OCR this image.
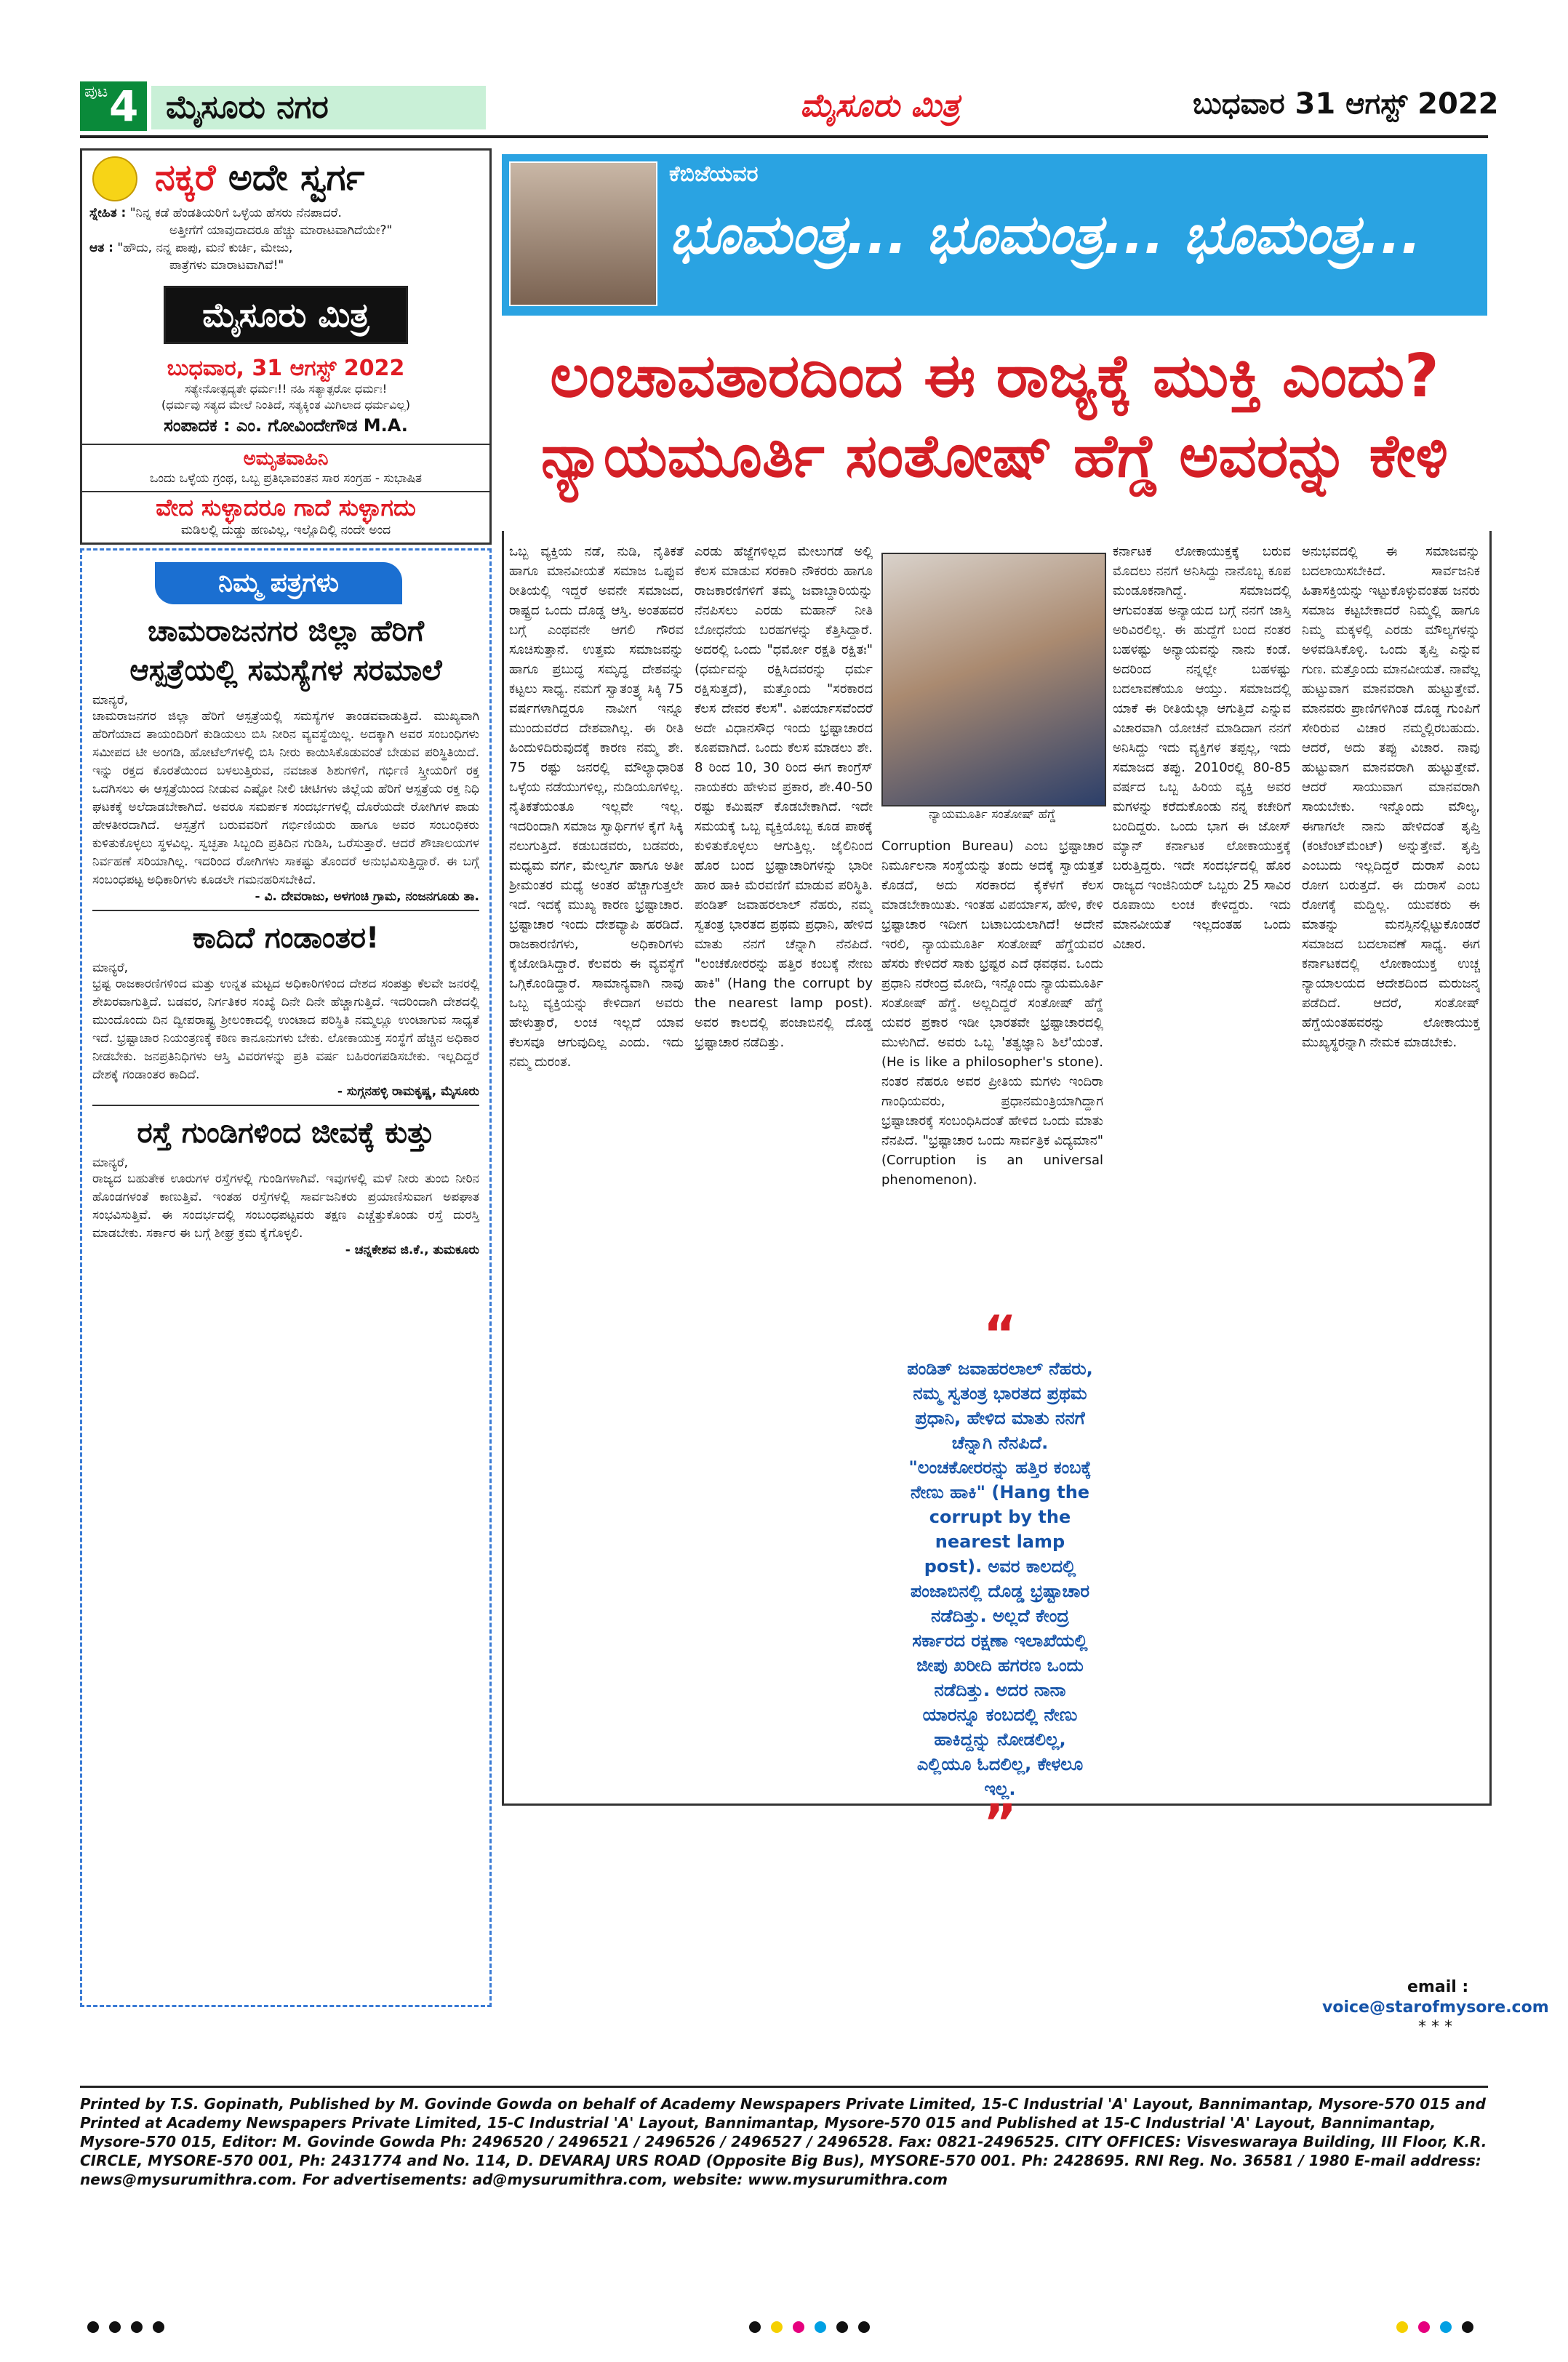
ಪುಟ 4 ಮೈಸೂರು ನಗರ	ಮೈಸೂರು ಮಿತ್ರ	ಬುಧವಾರ 31 ಆಗಸ್ಟ್ 2022
ನಕ್ಕರೆ ಅದೇ ಸ್ವರ್ಗ
ಸ್ನೇಹಿತ : "ನಿನ್ನ ಕಡೆ ಹೆಂಡತಿಯರಿಗೆ ಒಳ್ಳೆಯ ಹೆಸರು ನೆನಪಾದರೆ.
ಅತ್ತೀಗೆಗೆ ಯಾವುದಾದರೂ ಹೆಚ್ಚು ಮಾರಾಟವಾಗಿದೆಯೇ?"
ಆತ : "ಹೌದು, ನನ್ನ ಪಾಪು, ಮನೆ ಕುರ್ಚಿ, ಮೇಜು,
ಪಾತ್ರೆಗಳು ಮಾರಾಟವಾಗಿವೆ!"
ಮೈಸೂರು ಮಿತ್ರ
ಬುಧವಾರ, 31 ಆಗಸ್ಟ್ 2022
ಸತ್ಯೇನೋತ್ಪದ್ಯತೇ ಧರ್ಮಃ!! ನಹಿ ಸತ್ಯಾತ್ಪರೋ ಧರ್ಮಃ!
(ಧರ್ಮವು ಸತ್ಯದ ಮೇಲೆ ನಿಂತಿದೆ, ಸತ್ಯಕ್ಕಿಂತ ಮಿಗಿಲಾದ ಧರ್ಮವಿಲ್ಲ)
ಸಂಪಾದಕ : ಎಂ. ಗೋವಿಂದೇಗೌಡ M.A.
ಅಮೃತವಾಹಿನಿ
ಒಂದು ಒಳ್ಳೆಯ ಗ್ರಂಥ, ಒಬ್ಬ ಪ್ರತಿಭಾವಂತನ ಸಾರ ಸಂಗ್ರಹ - ಸುಭಾಷಿತ
ವೇದ ಸುಳ್ಳಾದರೂ ಗಾದೆ ಸುಳ್ಳಾಗದು
ಮಡಿಲಲ್ಲಿ ದುಡ್ಡು ಹಣವಿಲ್ಲ, ಇಲ್ಲೊದಿಲ್ಲಿ ನಂದೇ ಅಂದ
ನಿಮ್ಮ ಪತ್ರಗಳು
ಚಾಮರಾಜನಗರ ಜಿಲ್ಲಾ ಹೆರಿಗೆ
ಆಸ್ಪತ್ರೆಯಲ್ಲಿ ಸಮಸ್ಯೆಗಳ ಸರಮಾಲೆ
ಮಾನ್ಯರೆ,
ಚಾಮರಾಜನಗರ ಜಿಲ್ಲಾ ಹೆರಿಗೆ ಆಸ್ಪತ್ರೆಯಲ್ಲಿ ಸಮಸ್ಯೆಗಳ ತಾಂಡವವಾಡುತ್ತಿದೆ. ಮುಖ್ಯವಾಗಿ ಹೆರಿಗೆಯಾದ ತಾಯಂದಿರಿಗೆ ಕುಡಿಯಲು ಬಿಸಿ ನೀರಿನ ವ್ಯವಸ್ಥೆಯಿಲ್ಲ. ಅದಕ್ಕಾಗಿ ಅವರ ಸಂಬಂಧಿಗಳು ಸಮೀಪದ ಟೀ ಅಂಗಡಿ, ಹೋಟೆಲ್‌ಗಳಲ್ಲಿ ಬಿಸಿ ನೀರು ಕಾಯಿಸಿಕೊಡುವಂತೆ ಬೇಡುವ ಪರಿಸ್ಥಿತಿಯಿದೆ. ಇನ್ನು ರಕ್ತದ ಕೊರತೆಯಿಂದ ಬಳಲುತ್ತಿರುವ, ನವಜಾತ ಶಿಶುಗಳಿಗೆ, ಗರ್ಭಿಣಿ ಸ್ತ್ರೀಯರಿಗೆ ರಕ್ತ ಒದಗಿಸಲು ಈ ಆಸ್ಪತ್ರೆಯಿಂದ ನೀಡುವ ಎಷ್ಟೋ ನೀಲಿ ಚೀಟಿಗಳು ಜಿಲ್ಲೆಯ ಹೆರಿಗೆ ಆಸ್ಪತ್ರೆಯ ರಕ್ತ ನಿಧಿ ಘಟಕಕ್ಕೆ ಅಲೆದಾಡಬೇಕಾಗಿದೆ. ಅವರೂ ಸಮರ್ಪಕ ಸಂದರ್ಭಗಳಲ್ಲಿ ದೊರೆಯದೇ ರೋಗಿಗಳ ಪಾಡು ಹೇಳತೀರದಾಗಿದೆ. ಆಸ್ಪತ್ರೆಗೆ ಬರುವವರಿಗೆ ಗರ್ಭಿಣಿಯರು ಹಾಗೂ ಅವರ ಸಂಬಂಧಿಕರು ಕುಳಿತುಕೊಳ್ಳಲು ಸ್ಥಳವಿಲ್ಲ. ಸ್ವಚ್ಛತಾ ಸಿಬ್ಬಂದಿ ಪ್ರತಿದಿನ ಗುಡಿಸಿ, ಒರೆಸುತ್ತಾರೆ. ಆದರೆ ಶೌಚಾಲಯಗಳ ನಿರ್ವಹಣೆ ಸರಿಯಾಗಿಲ್ಲ. ಇದರಿಂದ ರೋಗಿಗಳು ಸಾಕಷ್ಟು ತೊಂದರೆ ಅನುಭವಿಸುತ್ತಿದ್ದಾರೆ. ಈ ಬಗ್ಗೆ ಸಂಬಂಧಪಟ್ಟ ಅಧಿಕಾರಿಗಳು ಕೂಡಲೇ ಗಮನಹರಿಸಬೇಕಿದೆ.
- ವಿ. ದೇವರಾಜು, ಅಳಗಂಚಿ ಗ್ರಾಮ, ನಂಜನಗೂಡು ತಾ.
ಕಾದಿದೆ ಗಂಡಾಂತರ!
ಮಾನ್ಯರೆ,
ಭ್ರಷ್ಟ ರಾಜಕಾರಣಿಗಳಿಂದ ಮತ್ತು ಉನ್ನತ ಮಟ್ಟದ ಅಧಿಕಾರಿಗಳಿಂದ ದೇಶದ ಸಂಪತ್ತು ಕೆಲವೇ ಜನರಲ್ಲಿ ಶೇಖರವಾಗುತ್ತಿದೆ. ಬಡವರ, ನಿರ್ಗತಿಕರ ಸಂಖ್ಯೆ ದಿನೇ ದಿನೇ ಹೆಚ್ಚಾಗುತ್ತಿದೆ. ಇದರಿಂದಾಗಿ ದೇಶದಲ್ಲಿ ಮುಂದೊಂದು ದಿನ ದ್ವೀಪರಾಷ್ಟ್ರ ಶ್ರೀಲಂಕಾದಲ್ಲಿ ಉಂಟಾದ ಪರಿಸ್ಥಿತಿ ನಮ್ಮಲ್ಲೂ ಉಂಟಾಗುವ ಸಾಧ್ಯತೆ ಇದೆ. ಭ್ರಷ್ಟಾಚಾರ ನಿಯಂತ್ರಣಕ್ಕೆ ಕಠಿಣ ಕಾನೂನುಗಳು ಬೇಕು. ಲೋಕಾಯುಕ್ತ ಸಂಸ್ಥೆಗೆ ಹೆಚ್ಚಿನ ಅಧಿಕಾರ ನೀಡಬೇಕು. ಜನಪ್ರತಿನಿಧಿಗಳು ಆಸ್ತಿ ವಿವರಗಳನ್ನು ಪ್ರತಿ ವರ್ಷ ಬಹಿರಂಗಪಡಿಸಬೇಕು. ಇಲ್ಲದಿದ್ದರೆ ದೇಶಕ್ಕೆ ಗಂಡಾಂತರ ಕಾದಿದೆ.
- ಸುಗ್ಗನಹಳ್ಳಿ ರಾಮಕೃಷ್ಣ, ಮೈಸೂರು
ರಸ್ತೆ ಗುಂಡಿಗಳಿಂದ ಜೀವಕ್ಕೆ ಕುತ್ತು
ಮಾನ್ಯರೆ,
ರಾಜ್ಯದ ಬಹುತೇಕ ಊರುಗಳ ರಸ್ತೆಗಳಲ್ಲಿ ಗುಂಡಿಗಳಾಗಿವೆ. ಇವುಗಳಲ್ಲಿ ಮಳೆ ನೀರು ತುಂಬಿ ನೀರಿನ ಹೊಂಡಗಳಂತೆ ಕಾಣುತ್ತಿವೆ. ಇಂತಹ ರಸ್ತೆಗಳಲ್ಲಿ ಸಾರ್ವಜನಿಕರು ಪ್ರಯಾಣಿಸುವಾಗ ಅಪಘಾತ ಸಂಭವಿಸುತ್ತಿವೆ. ಈ ಸಂದರ್ಭದಲ್ಲಿ ಸಂಬಂಧಪಟ್ಟವರು ತಕ್ಷಣ ಎಚ್ಚೆತ್ತುಕೊಂಡು ರಸ್ತೆ ದುರಸ್ತಿ ಮಾಡಬೇಕು. ಸರ್ಕಾರ ಈ ಬಗ್ಗೆ ಶೀಘ್ರ ಕ್ರಮ ಕೈಗೊಳ್ಳಲಿ.
- ಚನ್ನಕೇಶವ ಜಿ.ಕೆ., ತುಮಕೂರು
ಕೆಬಿಜೆಯವರ
ಭೂಮಂತ್ರ... ಭೂಮಂತ್ರ... ಭೂಮಂತ್ರ...
ಲಂಚಾವತಾರದಿಂದ ಈ ರಾಜ್ಯಕ್ಕೆ ಮುಕ್ತಿ ಎಂದು?
ನ್ಯಾಯಮೂರ್ತಿ ಸಂತೋಷ್ ಹೆಗ್ಡೆ ಅವರನ್ನು ಕೇಳಿ
ಒಬ್ಬ ವ್ಯಕ್ತಿಯ ನಡೆ, ನುಡಿ, ನೈತಿಕತೆ ಹಾಗೂ ಮಾನವೀಯತೆ ಸಮಾಜ ಒಪ್ಪುವ ರೀತಿಯಲ್ಲಿ ಇದ್ದರೆ ಅವನೇ ಸಮಾಜದ, ರಾಷ್ಟ್ರದ ಒಂದು ದೊಡ್ಡ ಆಸ್ತಿ. ಅಂತಹವರ ಬಗ್ಗೆ ಎಂಥವನೇ ಆಗಲಿ ಗೌರವ ಸೂಚಿಸುತ್ತಾನೆ. ಉತ್ತಮ ಸಮಾಜವನ್ನು ಹಾಗೂ ಪ್ರಬುದ್ಧ ಸಮೃದ್ಧ ದೇಶವನ್ನು ಕಟ್ಟಲು ಸಾಧ್ಯ. ನಮಗೆ ಸ್ವಾತಂತ್ರ್ಯ ಸಿಕ್ಕಿ 75 ವರ್ಷಗಳಾಗಿದ್ದರೂ ನಾವೀಗ ಇನ್ನೂ ಮುಂದುವರೆದ ದೇಶವಾಗಿಲ್ಲ. ಈ ರೀತಿ ಹಿಂದುಳಿದಿರುವುದಕ್ಕೆ ಕಾರಣ ನಮ್ಮ ಶೇ. 75 ರಷ್ಟು ಜನರಲ್ಲಿ ಮೌಲ್ಯಾಧಾರಿತ ಒಳ್ಳೆಯ ನಡೆಯುಗಳಿಲ್ಲ, ನುಡಿಯೂಗಳಿಲ್ಲ. ನೈತಿಕತೆಯಂತೂ ಇಲ್ಲವೇ ಇಲ್ಲ. ಇದರಿಂದಾಗಿ ಸಮಾಜ ಸ್ವಾರ್ಥಿಗಳ ಕೈಗೆ ಸಿಕ್ಕಿ ನಲುಗುತ್ತಿದೆ. ಕಡುಬಡವರು, ಬಡವರು, ಮಧ್ಯಮ ವರ್ಗ, ಮೇಲ್ವರ್ಗ ಹಾಗೂ ಅತೀ ಶ್ರೀಮಂತರ ಮಧ್ಯೆ ಅಂತರ ಹೆಚ್ಚಾಗುತ್ತಲೇ ಇದೆ. ಇದಕ್ಕೆ ಮುಖ್ಯ ಕಾರಣ ಭ್ರಷ್ಟಾಚಾರ. ಭ್ರಷ್ಟಾಚಾರ ಇಂದು ದೇಶವ್ಯಾಪಿ ಹರಡಿದೆ. ರಾಜಕಾರಣಿಗಳು, ಅಧಿಕಾರಿಗಳು ಕೈಜೋಡಿಸಿದ್ದಾರೆ. ಕೆಲವರು ಈ ವ್ಯವಸ್ಥೆಗೆ ಒಗ್ಗಿಕೊಂಡಿದ್ದಾರೆ. ಸಾಮಾನ್ಯವಾಗಿ ನಾವು ಒಬ್ಬ ವ್ಯಕ್ತಿಯನ್ನು ಕೇಳಿದಾಗ ಅವರು ಹೇಳುತ್ತಾರೆ, ಲಂಚ ಇಲ್ಲದೆ ಯಾವ ಕೆಲಸವೂ ಆಗುವುದಿಲ್ಲ ಎಂದು. ಇದು ನಮ್ಮ ದುರಂತ.
ಎರಡು ಹೆಜ್ಜೆಗಳಿಲ್ಲದ ಮೇಲುಗಡೆ ಅಲ್ಲಿ ಕೆಲಸ ಮಾಡುವ ಸರಕಾರಿ ನೌಕರರು ಹಾಗೂ ರಾಜಕಾರಣಿಗಳಿಗೆ ತಮ್ಮ ಜವಾಬ್ದಾರಿಯನ್ನು ನೆನಪಿಸಲು ಎರಡು ಮಹಾನ್ ನೀತಿ ಬೋಧನೆಯ ಬರಹಗಳನ್ನು ಕೆತ್ತಿಸಿದ್ದಾರೆ. ಅದರಲ್ಲಿ ಒಂದು "ಧರ್ಮೋ ರಕ್ಷತಿ ರಕ್ಷಿತಃ" (ಧರ್ಮವನ್ನು ರಕ್ಷಿಸಿದವರನ್ನು ಧರ್ಮ ರಕ್ಷಿಸುತ್ತದೆ), ಮತ್ತೊಂದು "ಸರಕಾರದ ಕೆಲಸ ದೇವರ ಕೆಲಸ". ವಿಪರ್ಯಾಸವೆಂದರೆ ಅದೇ ವಿಧಾನಸೌಧ ಇಂದು ಭ್ರಷ್ಟಾಚಾರದ ಕೂಪವಾಗಿದೆ. ಒಂದು ಕೆಲಸ ಮಾಡಲು ಶೇ. 8 ರಿಂದ 10, 30 ರಿಂದ ಈಗ ಕಾಂಗ್ರೆಸ್ ನಾಯಕರು ಹೇಳುವ ಪ್ರಕಾರ, ಶೇ.40-50 ರಷ್ಟು ಕಮಿಷನ್ ಕೊಡಬೇಕಾಗಿದೆ. ಇದೇ ಸಮಯಕ್ಕೆ ಒಬ್ಬ ವ್ಯಕ್ತಿಯೊಬ್ಬ ಕೂಡ ಪಾಠಕ್ಕೆ ಕುಳಿತುಕೊಳ್ಳಲು ಆಗುತ್ತಿಲ್ಲ. ಜೈಲಿನಿಂದ ಹೊರ ಬಂದ ಭ್ರಷ್ಟಾಚಾರಿಗಳನ್ನು ಭಾರೀ ಹಾರ ಹಾಕಿ ಮೆರವಣಿಗೆ ಮಾಡುವ ಪರಿಸ್ಥಿತಿ. ಪಂಡಿತ್ ಜವಾಹರಲಾಲ್ ನೆಹರು, ನಮ್ಮ ಸ್ವತಂತ್ರ ಭಾರತದ ಪ್ರಥಮ ಪ್ರಧಾನಿ, ಹೇಳಿದ ಮಾತು ನನಗೆ ಚೆನ್ನಾಗಿ ನೆನಪಿದೆ. "ಲಂಚಕೋರರನ್ನು ಹತ್ತಿರ ಕಂಬಕ್ಕೆ ನೇಣು ಹಾಕಿ" (Hang the corrupt by the nearest lamp post). ಅವರ ಕಾಲದಲ್ಲಿ ಪಂಜಾಬಿನಲ್ಲಿ ದೊಡ್ಡ ಭ್ರಷ್ಟಾಚಾರ ನಡೆದಿತ್ತು.
ನ್ಯಾಯಮೂರ್ತಿ ಸಂತೋಷ್ ಹೆಗ್ಡೆ
Corruption Bureau) ಎಂಬ ಭ್ರಷ್ಟಾಚಾರ ನಿರ್ಮೂಲನಾ ಸಂಸ್ಥೆಯನ್ನು ತಂದು ಅದಕ್ಕೆ ಸ್ವಾಯತ್ತತೆ ಕೊಡದೆ, ಅದು ಸರಕಾರದ ಕೈಕೆಳಗೆ ಕೆಲಸ ಮಾಡಬೇಕಾಯಿತು. ಇಂತಹ ವಿಪರ್ಯಾಸ, ಹೇಳಿ, ಕೇಳಿ ಭ್ರಷ್ಟಾಚಾರ ಇದೀಗ ಬಟಾಬಯಲಾಗಿದೆ! ಅದೇನೆ ಇರಲಿ, ನ್ಯಾಯಮೂರ್ತಿ ಸಂತೋಷ್ ಹೆಗ್ಡೆಯವರ ಹೆಸರು ಕೇಳಿದರೆ ಸಾಕು ಭ್ರಷ್ಟರ ಎದೆ ಢವಢವ. ಒಂದು ಪ್ರಧಾನಿ ನರೇಂದ್ರ ಮೋದಿ, ಇನ್ನೊಂದು ನ್ಯಾಯಮೂರ್ತಿ ಸಂತೋಷ್ ಹೆಗ್ಡೆ. ಅಲ್ಲದಿದ್ದರೆ ಸಂತೋಷ್ ಹೆಗ್ಡೆ ಯವರ ಪ್ರಕಾರ ಇಡೀ ಭಾರತವೇ ಭ್ರಷ್ಟಾಚಾರದಲ್ಲಿ ಮುಳುಗಿದೆ. ಅವರು ಒಬ್ಬ 'ತತ್ವಜ್ಞಾನಿ ಶಿಲೆ'ಯಂತೆ. (He is like a philosopher's stone). ನಂತರ ನೆಹರೂ ಅವರ ಪ್ರೀತಿಯ ಮಗಳು ಇಂದಿರಾ ಗಾಂಧಿಯವರು, ಪ್ರಧಾನಮಂತ್ರಿಯಾಗಿದ್ದಾಗ ಭ್ರಷ್ಟಾಚಾರಕ್ಕೆ ಸಂಬಂಧಿಸಿದಂತೆ ಹೇಳಿದ ಒಂದು ಮಾತು ನೆನಪಿದೆ. "ಭ್ರಷ್ಟಾಚಾರ ಒಂದು ಸಾರ್ವತ್ರಿಕ ವಿದ್ಯಮಾನ" (Corruption is an universal phenomenon).
“
ಪಂಡಿತ್ ಜವಾಹರಲಾಲ್ ನೆಹರು, ನಮ್ಮ ಸ್ವತಂತ್ರ ಭಾರತದ ಪ್ರಥಮ ಪ್ರಧಾನಿ, ಹೇಳಿದ ಮಾತು ನನಗೆ ಚೆನ್ನಾಗಿ ನೆನಪಿದೆ. "ಲಂಚಕೋರರನ್ನು ಹತ್ತಿರ ಕಂಬಕ್ಕೆ ನೇಣು ಹಾಕಿ" (Hang the corrupt by the nearest lamp post). ಅವರ ಕಾಲದಲ್ಲಿ ಪಂಜಾಬಿನಲ್ಲಿ ದೊಡ್ಡ ಭ್ರಷ್ಟಾಚಾರ ನಡೆದಿತ್ತು. ಅಲ್ಲದೆ ಕೇಂದ್ರ ಸರ್ಕಾರದ ರಕ್ಷಣಾ ಇಲಾಖೆಯಲ್ಲಿ ಜೀಪು ಖರೀದಿ ಹಗರಣ ಒಂದು ನಡೆದಿತ್ತು. ಅದರ ನಾನಾ ಯಾರನ್ನೂ ಕಂಬದಲ್ಲಿ ನೇಣು ಹಾಕಿದ್ದನ್ನು ನೋಡಲಿಲ್ಲ, ಎಲ್ಲಿಯೂ ಓದಲಿಲ್ಲ, ಕೇಳಲೂ ಇಲ್ಲ.
”
ಕರ್ನಾಟಕ ಲೋಕಾಯುಕ್ತಕ್ಕೆ ಬರುವ ಮೊದಲು ನನಗೆ ಅನಿಸಿದ್ದು ನಾನೊಬ್ಬ ಕೂಪ ಮಂಡೂಕನಾಗಿದ್ದೆ. ಸಮಾಜದಲ್ಲಿ ಆಗುವಂತಹ ಅನ್ಯಾಯದ ಬಗ್ಗೆ ನನಗೆ ಜಾಸ್ತಿ ಅರಿವಿರಲಿಲ್ಲ. ಈ ಹುದ್ದೆಗೆ ಬಂದ ನಂತರ ಬಹಳಷ್ಟು ಅನ್ಯಾಯವನ್ನು ನಾನು ಕಂಡೆ. ಅದರಿಂದ ನನ್ನಲ್ಲೇ ಬಹಳಷ್ಟು ಬದಲಾವಣೆಯೂ ಆಯ್ತು. ಸಮಾಜದಲ್ಲಿ ಯಾಕೆ ಈ ರೀತಿಯೆಲ್ಲಾ ಆಗುತ್ತಿದೆ ಎನ್ನುವ ವಿಚಾರವಾಗಿ ಯೋಚನೆ ಮಾಡಿದಾಗ ನನಗೆ ಅನಿಸಿದ್ದು ಇದು ವ್ಯಕ್ತಿಗಳ ತಪ್ಪಲ್ಲ, ಇದು ಸಮಾಜದ ತಪ್ಪು. 2010ರಲ್ಲಿ 80-85 ವರ್ಷದ ಒಬ್ಬ ಹಿರಿಯ ವ್ಯಕ್ತಿ ಅವರ ಮಗಳನ್ನು ಕರೆದುಕೊಂಡು ನನ್ನ ಕಚೇರಿಗೆ ಬಂದಿದ್ದರು. ಒಂದು ಭಾಗ ಈ ಜೋಸ್ ಮ್ಯಾನ್ ಕರ್ನಾಟಕ ಲೋಕಾಯುಕ್ತಕ್ಕೆ ಬರುತ್ತಿದ್ದರು. ಇದೇ ಸಂದರ್ಭದಲ್ಲಿ ಹೊರ ರಾಜ್ಯದ ಇಂಜಿನಿಯರ್ ಒಬ್ಬರು 25 ಸಾವಿರ ರೂಪಾಯಿ ಲಂಚ ಕೇಳಿದ್ದರು. ಇದು ಮಾನವೀಯತೆ ಇಲ್ಲದಂತಹ ಒಂದು ವಿಚಾರ.
ಅನುಭವದಲ್ಲಿ ಈ ಸಮಾಜವನ್ನು ಬದಲಾಯಿಸಬೇಕಿದೆ. ಸಾರ್ವಜನಿಕ ಹಿತಾಸಕ್ತಿಯನ್ನು ಇಟ್ಟುಕೊಳ್ಳುವಂತಹ ಜನರು ಸಮಾಜ ಕಟ್ಟಬೇಕಾದರೆ ನಿಮ್ಮಲ್ಲಿ ಹಾಗೂ ನಿಮ್ಮ ಮಕ್ಕಳಲ್ಲಿ ಎರಡು ಮೌಲ್ಯಗಳನ್ನು ಅಳವಡಿಸಿಕೊಳ್ಳಿ. ಒಂದು ತೃಪ್ತಿ ಎನ್ನುವ ಗುಣ. ಮತ್ತೊಂದು ಮಾನವೀಯತೆ. ನಾವೆಲ್ಲ ಹುಟ್ಟುವಾಗ ಮಾನವರಾಗಿ ಹುಟ್ಟುತ್ತೇವೆ. ಮಾನವರು ಪ್ರಾಣಿಗಳಿಗಿಂತ ದೊಡ್ಡ ಗುಂಪಿಗೆ ಸೇರಿರುವ ವಿಚಾರ ನಮ್ಮಲ್ಲಿರಬಹುದು. ಆದರೆ, ಅದು ತಪ್ಪು ವಿಚಾರ. ನಾವು ಹುಟ್ಟುವಾಗ ಮಾನವರಾಗಿ ಹುಟ್ಟುತ್ತೇವೆ. ಆದರೆ ಸಾಯುವಾಗ ಮಾನವರಾಗಿ ಸಾಯಬೇಕು. ಇನ್ನೊಂದು ಮೌಲ್ಯ, ಈಗಾಗಲೇ ನಾನು ಹೇಳಿದಂತೆ ತೃಪ್ತಿ (ಕಂಟೆಂಟ್‌ಮೆಂಟ್) ಅನ್ನುತ್ತೇವೆ. ತೃಪ್ತಿ ಎಂಬುದು ಇಲ್ಲದಿದ್ದರೆ ದುರಾಸೆ ಎಂಬ ರೋಗ ಬರುತ್ತದೆ. ಈ ದುರಾಸೆ ಎಂಬ ರೋಗಕ್ಕೆ ಮದ್ದಿಲ್ಲ. ಯುವಕರು ಈ ಮಾತನ್ನು ಮನಸ್ಸಿನಲ್ಲಿಟ್ಟುಕೊಂಡರೆ ಸಮಾಜದ ಬದಲಾವಣೆ ಸಾಧ್ಯ. ಈಗ ಕರ್ನಾಟಕದಲ್ಲಿ ಲೋಕಾಯುಕ್ತ ಉಚ್ಚ ನ್ಯಾಯಾಲಯದ ಆದೇಶದಿಂದ ಮರುಜನ್ಮ ಪಡೆದಿದೆ. ಆದರೆ, ಸಂತೋಷ್ ಹೆಗ್ಡೆಯಂತಹವರನ್ನು ಲೋಕಾಯುಕ್ತ ಮುಖ್ಯಸ್ಥರನ್ನಾಗಿ ನೇಮಕ ಮಾಡಬೇಕು.
email :
voice@starofmysore.com
* * *
Printed by T.S. Gopinath, Published by M. Govinde Gowda on behalf of Academy Newspapers Private Limited, 15-C Industrial 'A' Layout, Bannimantap, Mysore-570 015 and Printed at Academy Newspapers Private Limited, 15-C Industrial 'A' Layout, Bannimantap, Mysore-570 015 and Published at 15-C Industrial 'A' Layout, Bannimantap, Mysore-570 015, Editor: M. Govinde Gowda Ph: 2496520 / 2496521 / 2496526 / 2496527 / 2496528. Fax: 0821-2496525. CITY OFFICES: Visveswaraya Building, III Floor, K.R. CIRCLE, MYSORE-570 001, Ph: 2431774 and No. 114, D. DEVARAJ URS ROAD (Opposite Big Bus), MYSORE-570 001. Ph: 2428695. RNI Reg. No. 36581 / 1980 E-mail address: news@mysurumithra.com. For advertisements: ad@mysurumithra.com, website: www.mysurumithra.com
